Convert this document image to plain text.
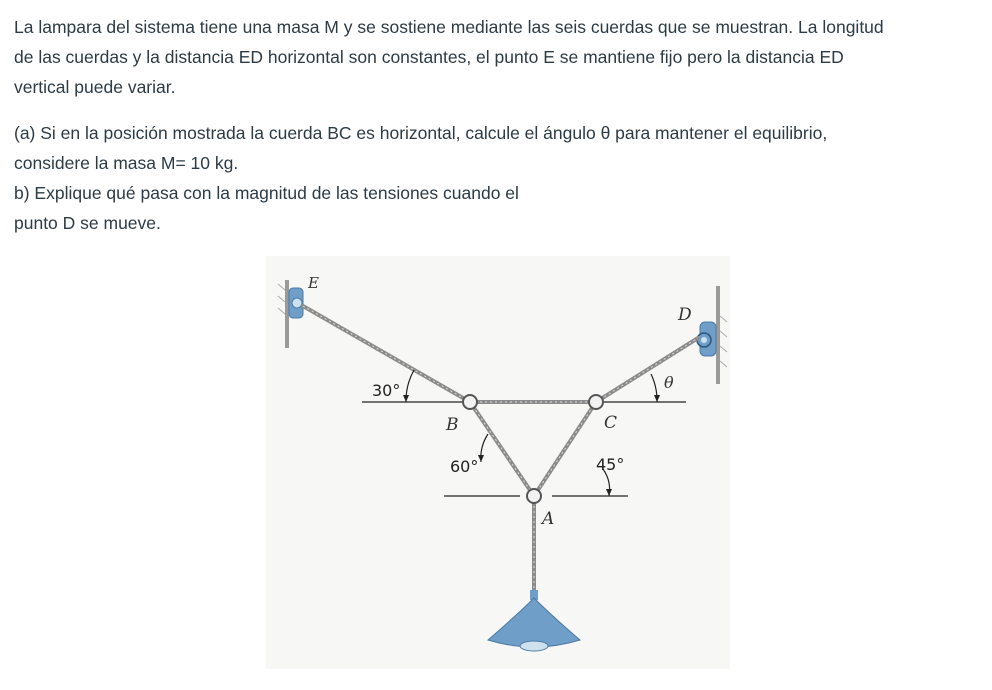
La lampara del sistema tiene una masa M y se sostiene mediante las seis cuerdas que se muestran. La longitud
de las cuerdas y la distancia ED horizontal son constantes, el punto E se mantiene fijo pero la distancia ED
vertical puede variar.
(a) Si en la posición mostrada la cuerda BC es horizontal, calcule el ángulo θ para mantener el equilibrio,
considere la masa M= 10 kg.
b) Explique qué pasa con la magnitud de las tensiones cuando el
punto D se mueve.
E
D
B	C
A
30°
60°	45°
θ
